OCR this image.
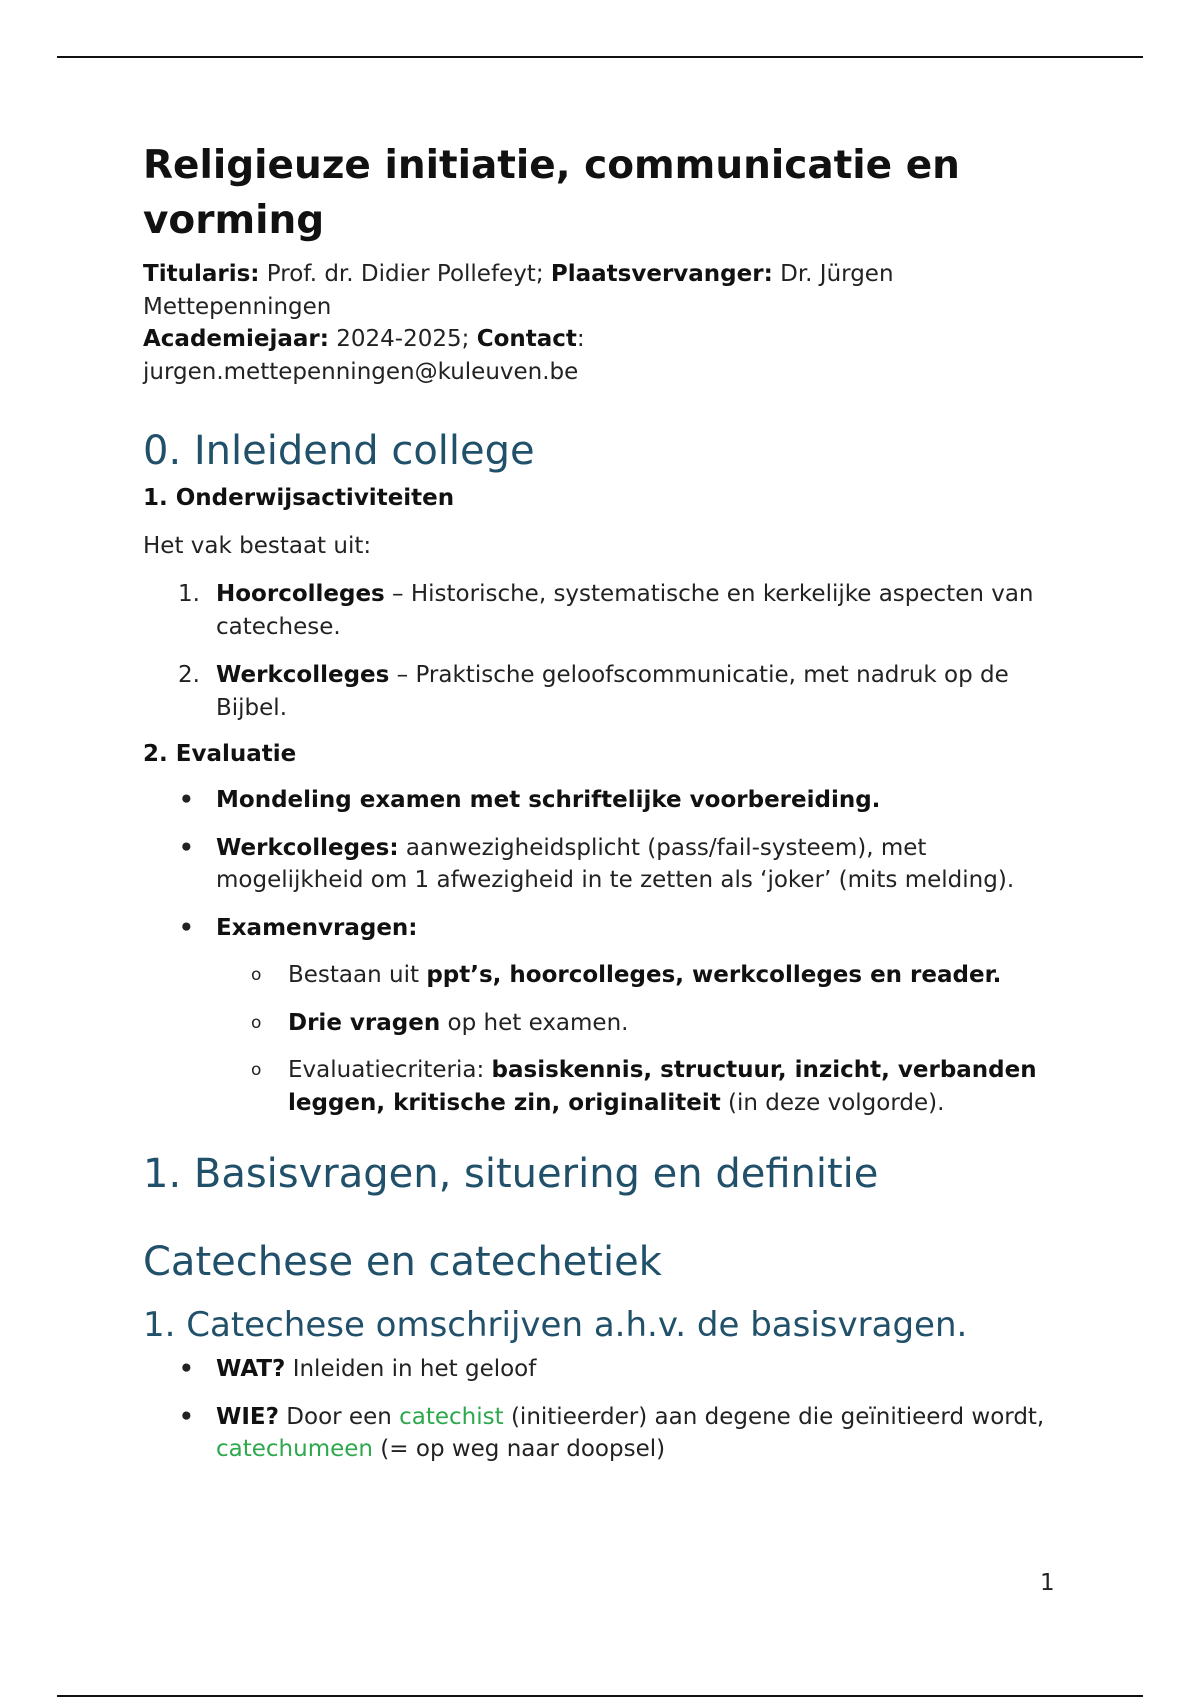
Religieuze initiatie, communicatie en vorming
Titularis: Prof. dr. Didier Pollefeyt; Plaatsvervanger: Dr. Jürgen Mettepenningen
Academiejaar: 2024-2025; Contact:
jurgen.mettepenningen@kuleuven.be
0. Inleidend college
1. Onderwijsactiviteiten

Het vak bestaat uit:

1. Hoorcolleges – Historische, systematische en kerkelijke aspecten van catechese.
2. Werkcolleges – Praktische geloofscommunicatie, met nadruk op de Bijbel.
2. Evaluatie
• Mondeling examen met schriftelijke voorbereiding.
• Werkcolleges: aanwezigheidsplicht (pass/fail-systeem), met mogelijkheid om 1 afwezigheid in te zetten als ‘joker’ (mits melding).
• Examenvragen:
o Bestaan uit ppt’s, hoorcolleges, werkcolleges en reader.
o Drie vragen op het examen.
o Evaluatiecriteria: basiskennis, structuur, inzicht, verbanden leggen, kritische zin, originaliteit (in deze volgorde).
1. Basisvragen, situering en definitie
Catechese en catechetiek
1. Catechese omschrijven a.h.v. de basisvragen.
• WAT? Inleiden in het geloof
• WIE? Door een catechist (initieerder) aan degene die geïnitieerd wordt, catechumeen (= op weg naar doopsel)
1
